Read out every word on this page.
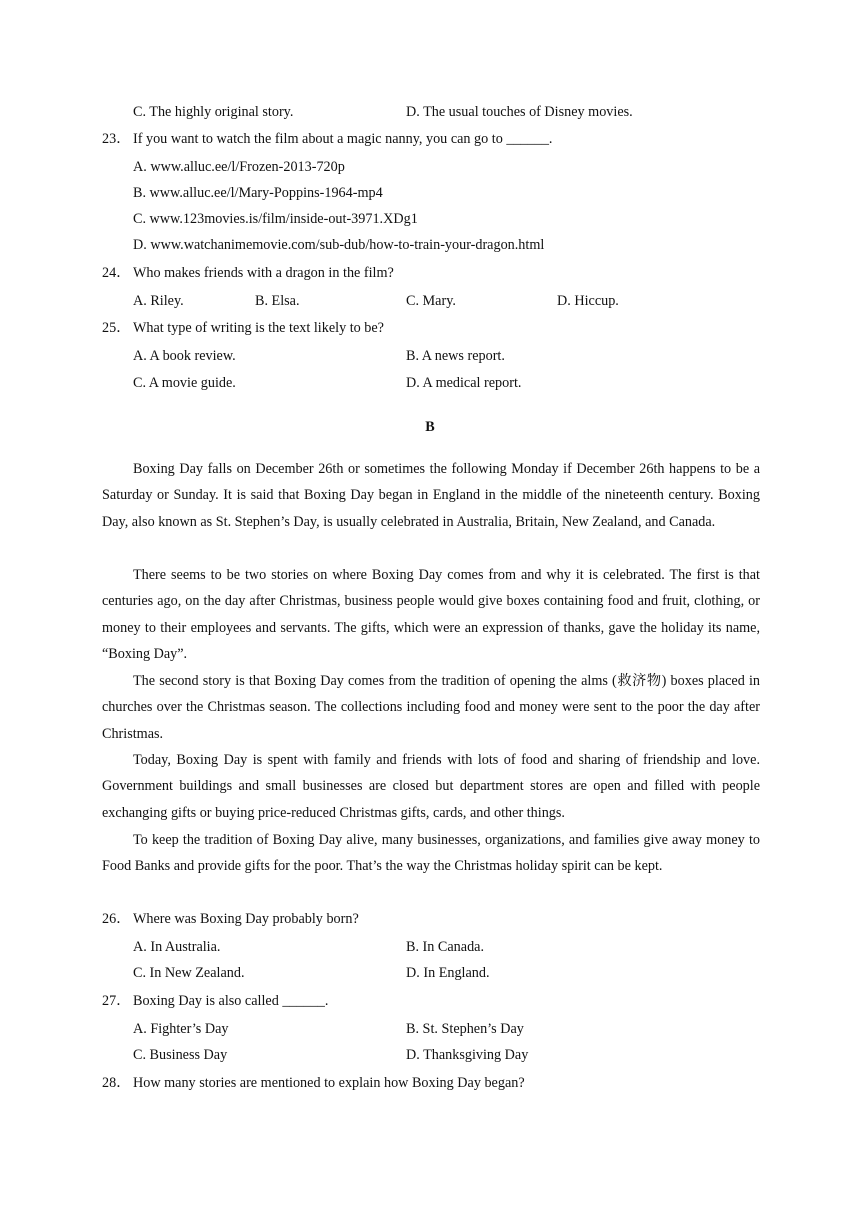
C. The highly original story.	D. The usual touches of Disney movies.
23． If you want to watch the film about a magic nanny, you can go to ______.
A. www.alluc.ee/l/Frozen-2013-720p
B. www.alluc.ee/l/Mary-Poppins-1964-mp4
C. www.123movies.is/film/inside-out-3971.XDg1
D. www.watchanimemovie.com/sub-dub/how-to-train-your-dragon.html
24． Who makes friends with a dragon in the film?
A. Riley.	B. Elsa.	C. Mary.	D. Hiccup.
25． What type of writing is the text likely to be?
A. A book review.	B. A news report.
C. A movie guide.	D. A medical report.
B

Boxing Day falls on December 26th or sometimes the following Monday if December 26th happens to be a Saturday or Sunday. It is said that Boxing Day began in England in the middle of the nineteenth century. Boxing Day, also known as St. Stephen’s Day, is usually celebrated in Australia, Britain, New Zealand, and Canada.

There seems to be two stories on where Boxing Day comes from and why it is celebrated. The first is that centuries ago, on the day after Christmas, business people would give boxes containing food and fruit, clothing, or money to their employees and servants. The gifts, which were an expression of thanks, gave the holiday its name, “Boxing Day”.

The second story is that Boxing Day comes from the tradition of opening the alms (救济物) boxes placed in churches over the Christmas season. The collections including food and money were sent to the poor the day after Christmas.

Today, Boxing Day is spent with family and friends with lots of food and sharing of friendship and love. Government buildings and small businesses are closed but department stores are open and filled with people exchanging gifts or buying price-reduced Christmas gifts, cards, and other things.

To keep the tradition of Boxing Day alive, many businesses, organizations, and families give away money to Food Banks and provide gifts for the poor. That’s the way the Christmas holiday spirit can be kept.

26． Where was Boxing Day probably born?
A. In Australia.	B. In Canada.
C. In New Zealand.	D. In England.
27． Boxing Day is also called ______.
A. Fighter’s Day	B. St. Stephen’s Day
C. Business Day	D. Thanksgiving Day
28． How many stories are mentioned to explain how Boxing Day began?
